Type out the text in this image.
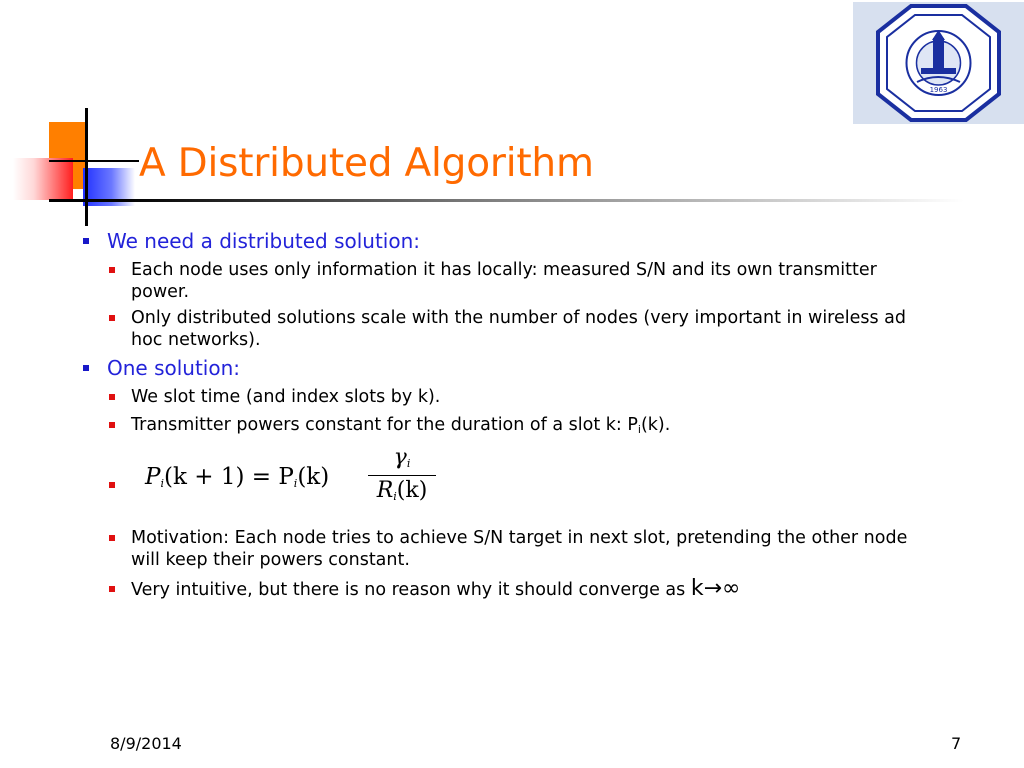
1963
A Distributed Algorithm

We need a distributed solution:

Each node uses only information it has locally: measured S/N and its own transmitter power.

Only distributed solutions scale with the number of nodes (very important in wireless ad hoc networks).

One solution:

We slot time (and index slots by k).

Transmitter powers constant for the duration of a slot k: $P_i(k)$.

$P_i(k + 1) = P_i(k)$
$\gamma_i$
$R_i(k)$

Motivation: Each node tries to achieve S/N target in next slot, pretending the other node will keep their powers constant.

Very intuitive, but there is no reason why it should converge as k→∞

8/9/2014	7
